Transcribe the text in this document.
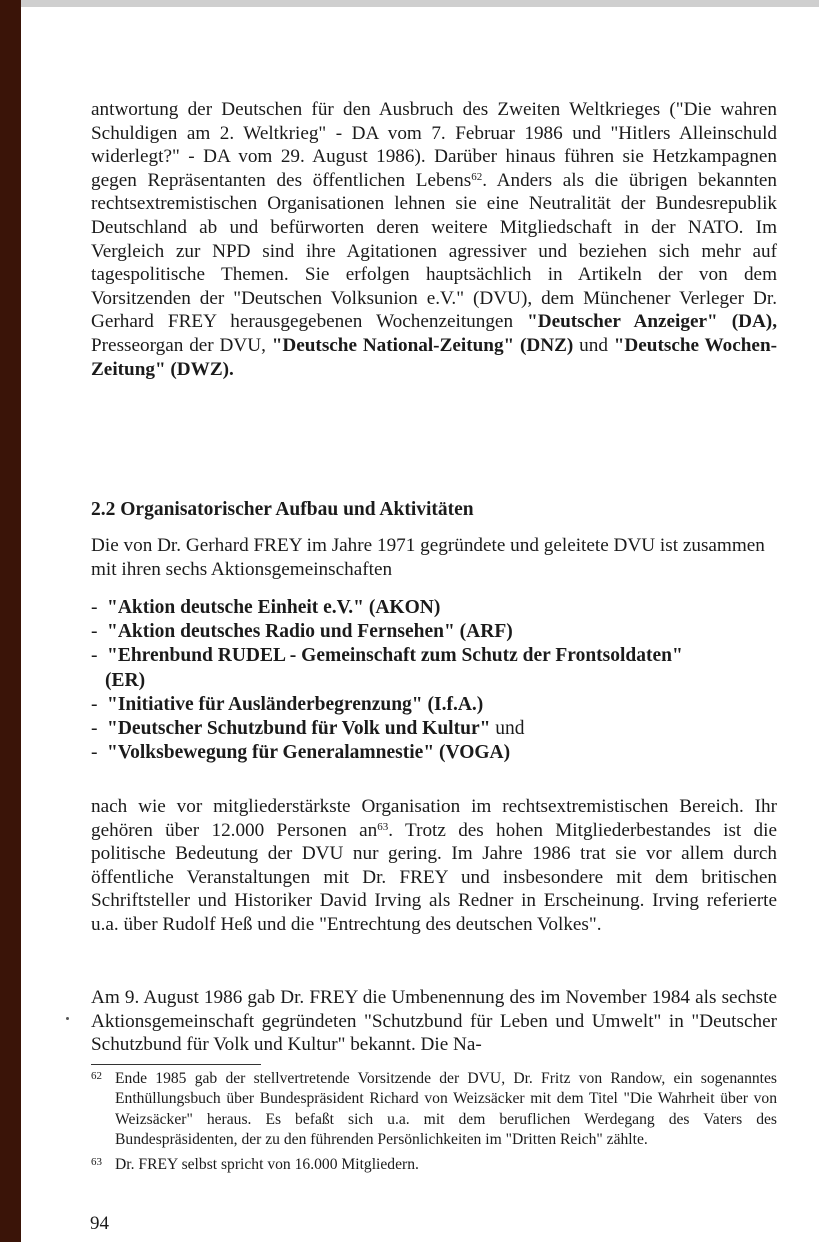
antwortung der Deutschen für den Ausbruch des Zweiten Weltkrieges ("Die wahren Schuldigen am 2. Weltkrieg" - DA vom 7. Februar 1986 und "Hitlers Alleinschuld widerlegt?" - DA vom 29. August 1986). Darüber hinaus führen sie Hetzkampagnen gegen Repräsentanten des öffentlichen Lebens$^{62}$. Anders als die übrigen bekannten rechtsextremistischen Organisationen lehnen sie eine Neutralität der Bundesrepublik Deutschland ab und befürworten deren weitere Mitgliedschaft in der NATO. Im Vergleich zur NPD sind ihre Agitationen agressiver und beziehen sich mehr auf tagespolitische Themen. Sie erfolgen hauptsächlich in Artikeln der von dem Vorsitzenden der "Deutschen Volksunion e.V." (DVU), dem Münchener Verleger Dr. Gerhard FREY herausgegebenen Wochenzeitungen "Deutscher Anzeiger" (DA), Presseorgan der DVU, "Deutsche National-Zeitung" (DNZ) und "Deutsche Wochen-Zeitung" (DWZ).

2.2 Organisatorischer Aufbau und Aktivitäten

Die von Dr. Gerhard FREY im Jahre 1971 gegründete und geleitete DVU ist zusammen mit ihren sechs Aktionsgemeinschaften

- "Aktion deutsche Einheit e.V." (AKON)
- "Aktion deutsches Radio und Fernsehen" (ARF)
- "Ehrenbund RUDEL - Gemeinschaft zum Schutz der Frontsoldaten"
(ER)
- "Initiative für Ausländerbegrenzung" (I.f.A.)
- "Deutscher Schutzbund für Volk und Kultur" und
- "Volksbewegung für Generalamnestie" (VOGA)

nach wie vor mitgliederstärkste Organisation im rechtsextremistischen Bereich. Ihr gehören über 12.000 Personen $an^{63}$. Trotz des hohen Mitgliederbestandes ist die politische Bedeutung der DVU nur gering. Im Jahre 1986 trat sie vor allem durch öffentliche Veranstaltungen mit Dr. FREY und insbesondere mit dem britischen Schriftsteller und Historiker David Irving als Redner in Erscheinung. Irving referierte u.a. über Rudolf Heß und die "Entrechtung des deutschen Volkes".

Am 9. August 1986 gab Dr. FREY die Umbenennung des im November 1984 als sechste Aktionsgemeinschaft gegründeten "Schutzbund für Leben und Umwelt" in "Deutscher Schutzbund für Volk und Kultur" bekannt. Die Na-

62 Ende 1985 gab der stellvertretende Vorsitzende der DVU, Dr. Fritz von Randow, ein sogenanntes Enthüllungsbuch über Bundespräsident Richard von Weizsäcker mit dem Titel "Die Wahrheit über von Weizsäcker" heraus. Es befaßt sich u.a. mit dem beruflichen Werdegang des Vaters des Bundespräsidenten, der zu den führenden Persönlichkeiten im "Dritten Reich" zählte.
63 Dr. FREY selbst spricht von 16.000 Mitgliedern.
94
